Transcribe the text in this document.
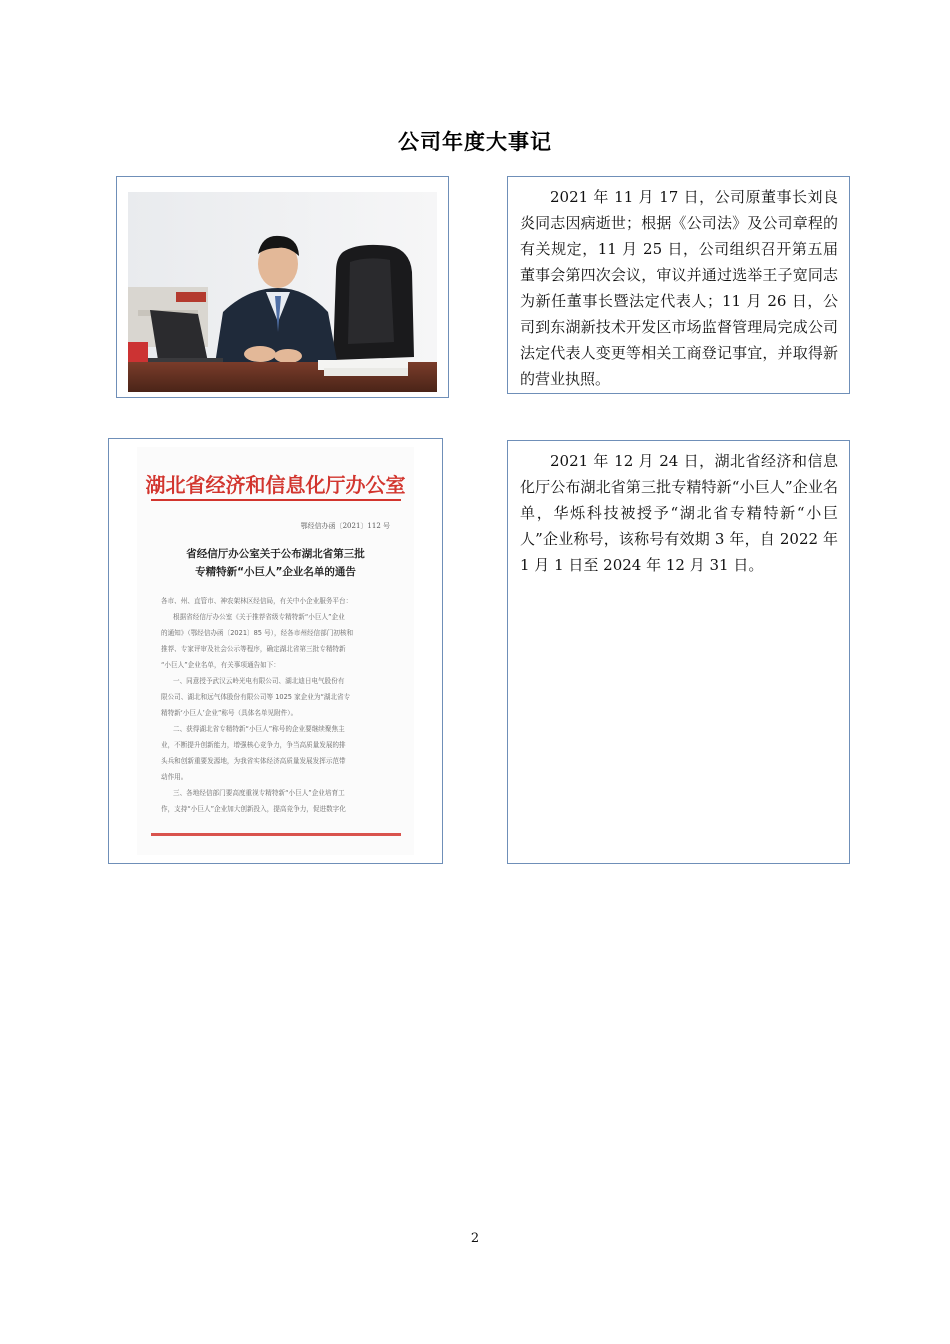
公司年度大事记

2021 年 11 月 17 日，公司原董事长刘良炎同志因病逝世；根据《公司法》及公司章程的有关规定，11 月 25 日，公司组织召开第五届董事会第四次会议，审议并通过选举王子宽同志为新任董事长暨法定代表人；11 月 26 日，公司到东湖新技术开发区市场监督管理局完成公司法定代表人变更等相关工商登记事宜，并取得新的营业执照。

湖北省经济和信息化厅办公室
鄂经信办函〔2021〕112 号
省经信厅办公室关于公布湖北省第三批
专精特新“小巨人”企业名单的通告
各市、州、直管市、神农架林区经信局，有关中小企业服务平台：
根据省经信厅办公室《关于推荐省级专精特新“小巨人”企业
的通知》（鄂经信办函〔2021〕85 号），经各市州经信部门初核和
推荐、专家评审及社会公示等程序，确定湖北省第三批专精特新
“小巨人”企业名单，有关事项通告如下：
一、同意授予武汉云岭光电有限公司、湖北迪日电气股份有
限公司、湖北和远气体股份有限公司等 1025 家企业为“湖北省专
精特新‘小巨人’企业”称号（具体名单见附件）。
二、获得湖北省专精特新“小巨人”称号的企业要继续聚焦主
业，不断提升创新能力，增强核心竞争力，争当高质量发展的排
头兵和创新重要发源地，为我省实体经济高质量发展发挥示范带
动作用。
三、各地经信部门要高度重视专精特新“小巨人”企业培育工
作，支持“小巨人”企业加大创新投入，提高竞争力，促进数字化

2021 年 12 月 24 日，湖北省经济和信息化厅公布湖北省第三批专精特新“小巨人”企业名单，华烁科技被授予“湖北省专精特新“小巨人”企业称号，该称号有效期 3 年，自 2022 年 1 月 1 日至 2024 年 12 月 31 日。

2
